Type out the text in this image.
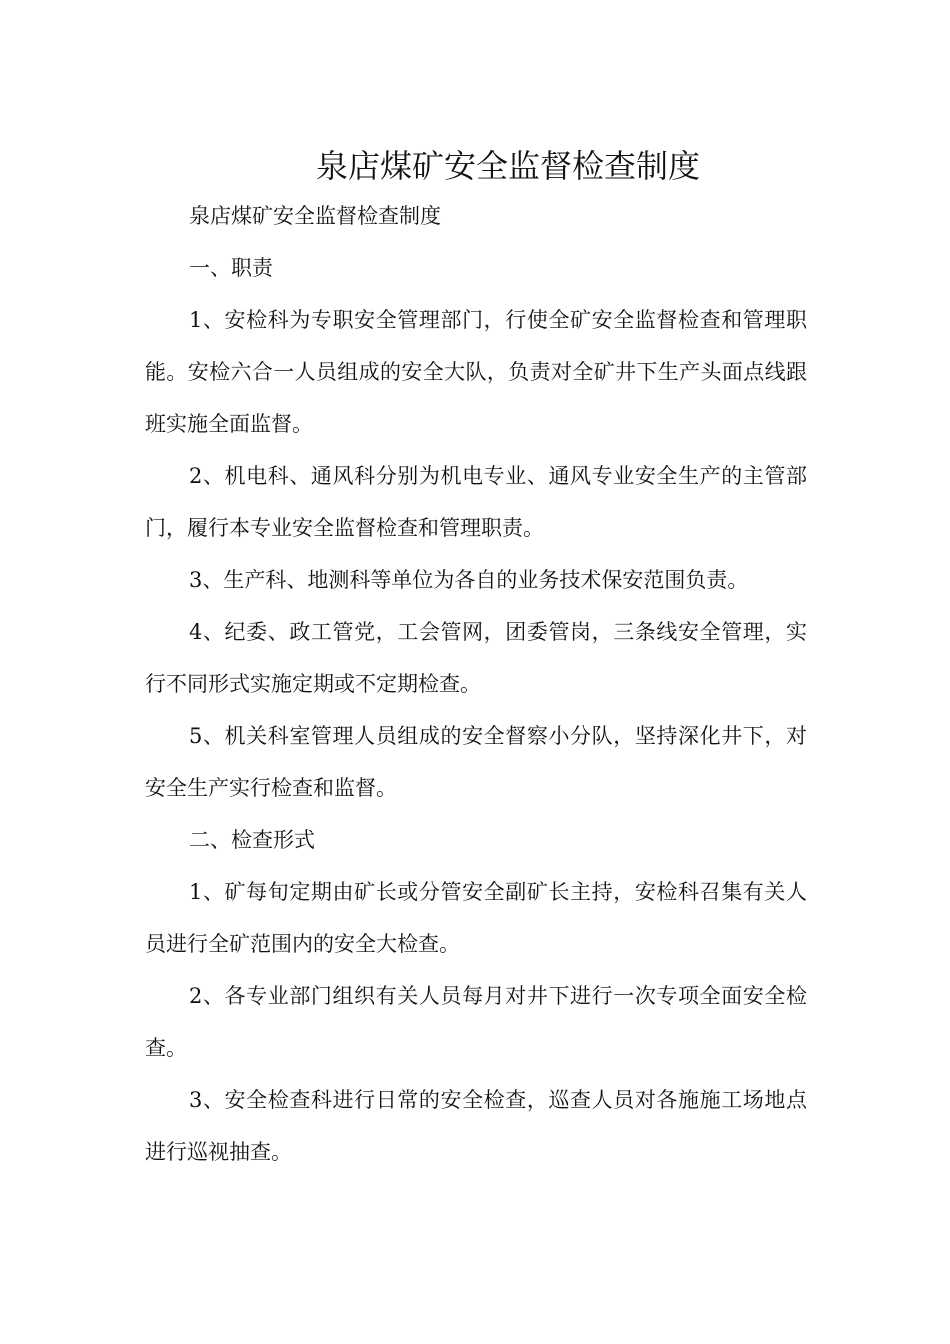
泉店煤矿安全监督检查制度

泉店煤矿安全监督检查制度

一、职责

1、安检科为专职安全管理部门，行使全矿安全监督检查和管理职能。安检六合一人员组成的安全大队，负责对全矿井下生产头面点线跟班实施全面监督。

2、机电科、通风科分别为机电专业、通风专业安全生产的主管部门，履行本专业安全监督检查和管理职责。

3、生产科、地测科等单位为各自的业务技术保安范围负责。

4、纪委、政工管党，工会管网，团委管岗，三条线安全管理，实行不同形式实施定期或不定期检查。

5、机关科室管理人员组成的安全督察小分队，坚持深化井下，对安全生产实行检查和监督。

二、检查形式

1、矿每旬定期由矿长或分管安全副矿长主持，安检科召集有关人员进行全矿范围内的安全大检查。

2、各专业部门组织有关人员每月对井下进行一次专项全面安全检查。

3、安全检查科进行日常的安全检查，巡查人员对各施施工场地点进行巡视抽查。
